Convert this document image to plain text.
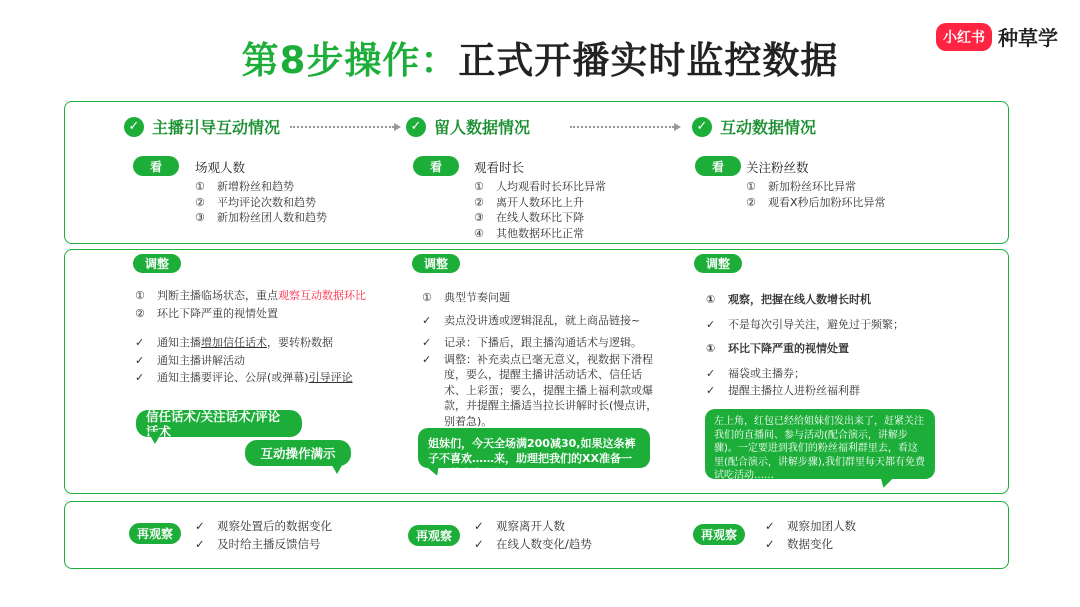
第8步操作：正式开播实时监控数据
小红书 种草学
✓ 主播引导互动情况	✓ 留人数据情况	✓ 互动数据情况
看	场观人数
①	新增粉丝和趋势
②	平均评论次数和趋势
③	新加粉丝团人数和趋势
看	观看时长
①	人均观看时长环比异常
②	离开人数环比上升
③	在线人数环比下降
④	其他数据环比正常
看	关注粉丝数
①	新加粉丝环比异常
②	观看X秒后加粉环比异常
调整
①	判断主播临场状态，重点观察互动数据环比
②	环比下降严重的视情处置
✓	通知主播增加信任话术，要转粉数据
✓	通知主播讲解活动
✓	通知主播要评论、公屏(或弹幕)引导评论
信任话术/关注话术/评论话术
互动操作满示
调整
①	典型节奏问题
✓	卖点没讲透或逻辑混乱，就上商品链接~
✓	记录：下播后，跟主播沟通话术与逻辑。
✓	调整：补充卖点已毫无意义，视数据下滑程度，要么，提醒主播讲活动话术、信任话术、上彩蛋；要么，提醒主播上福利款或爆款，并提醒主播适当拉长讲解时长(慢点讲，别着急)。
姐妹们，今天全场满200减30,如果这条裤子不喜欢……来，助理把我们的XX准备一下，给大家返场…
调整
①	观察，把握在线人数增长时机
✓	不是每次引导关注，避免过于频繁；
①	环比下降严重的视情处置
✓	福袋或主播券；
✓	提醒主播拉人进粉丝福利群
左上角，红包已经给姐妹们发出来了，赶紧关注我们的直播间、参与活动(配合演示，讲解步骤)。一定要进到我们的粉丝福利群里去，看这里(配合演示，讲解步骤),我们群里每天都有免费试吃活动……
再观察
✓	观察处置后的数据变化
✓	及时给主播反馈信号
再观察
✓	观察离开人数
✓	在线人数变化/趋势
再观察
✓	观察加团人数
✓	数据变化
